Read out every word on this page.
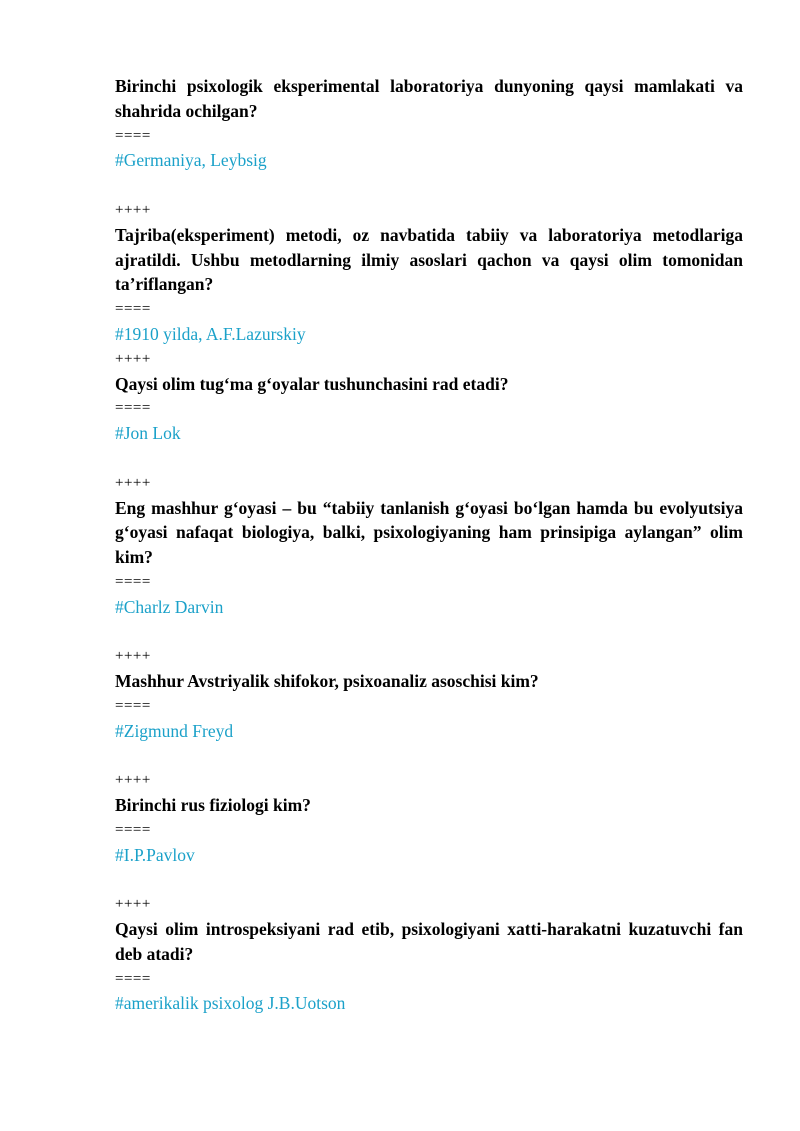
Birinchi psixologik eksperimental laboratoriya dunyoning qaysi mamlakati va shahrida ochilgan?

====

#Germaniya, Leybsig

++++

Tajriba(eksperiment) metodi, oz navbatida tabiiy va laboratoriya metodlariga ajratildi. Ushbu metodlarning ilmiy asoslari qachon va qaysi olim tomonidan ta’riflangan?

====

#1910 yilda, A.F.Lazurskiy

++++

Qaysi olim tug‘ma g‘oyalar tushunchasini rad etadi?

====

#Jon Lok

++++

Eng mashhur g‘oyasi – bu “tabiiy tanlanish g‘oyasi bo‘lgan hamda bu evolyutsiya g‘oyasi nafaqat biologiya, balki, psixologiyaning ham prinsipiga aylangan” olim kim?

====

#Charlz Darvin

++++

Mashhur Avstriyalik shifokor, psixoanaliz asoschisi kim?

====

#Zigmund Freyd

++++

Birinchi rus fiziologi kim?

====

#I.P.Pavlov

++++

Qaysi olim introspeksiyani rad etib, psixologiyani xatti-harakatni kuzatuvchi fan deb atadi?

====

#amerikalik psixolog J.B.Uotson
